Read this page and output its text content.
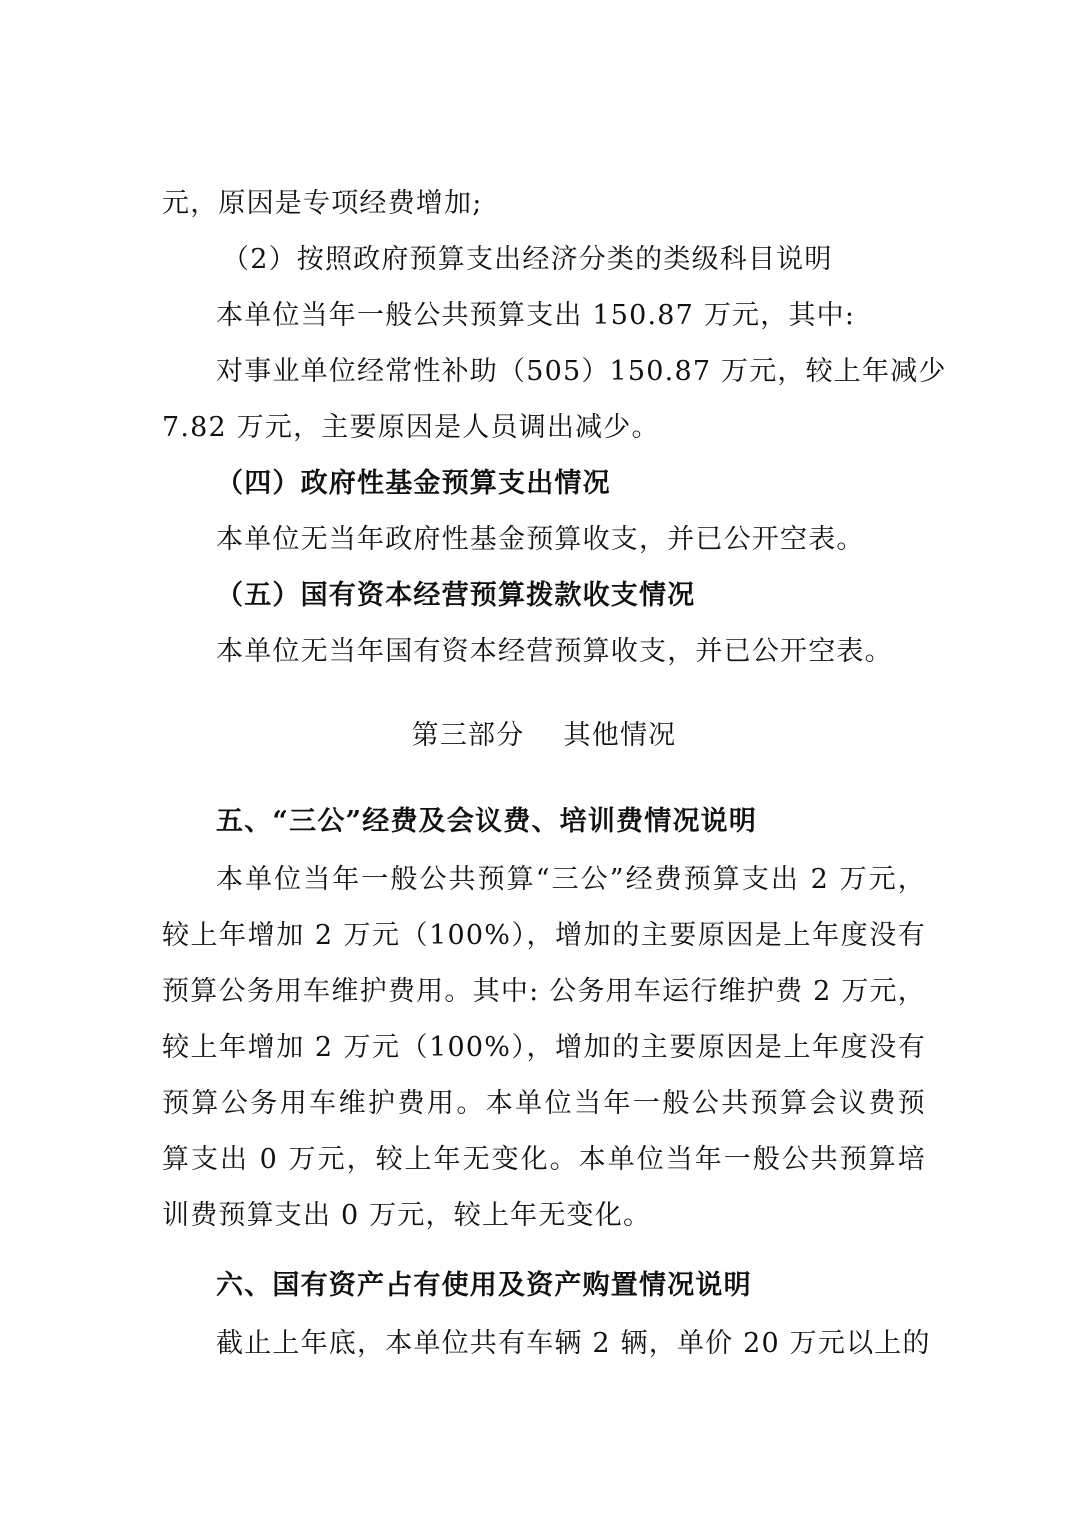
元，原因是专项经费增加;
（2）按照政府预算支出经济分类的类级科目说明
本单位当年一般公共预算支出 150.87 万元，其中:
对事业单位经常性补助（505）150.87 万元，较上年减少
7.82 万元，主要原因是人员调出减少。
（四）政府性基金预算支出情况
本单位无当年政府性基金预算收支，并已公开空表。
（五）国有资本经营预算拨款收支情况
本单位无当年国有资本经营预算收支，并已公开空表。
第三部分    其他情况
五、“三公”经费及会议费、培训费情况说明
本单位当年一般公共预算“三公”经费预算支出 2 万元，
较上年增加 2 万元（100%），增加的主要原因是上年度没有
预算公务用车维护费用。其中: 公务用车运行维护费 2 万元，
较上年增加 2 万元（100%），增加的主要原因是上年度没有
预算公务用车维护费用。本单位当年一般公共预算会议费预
算支出 0 万元，较上年无变化。本单位当年一般公共预算培
训费预算支出 0 万元，较上年无变化。
六、国有资产占有使用及资产购置情况说明
截止上年底，本单位共有车辆 2 辆，单价 20 万元以上的
